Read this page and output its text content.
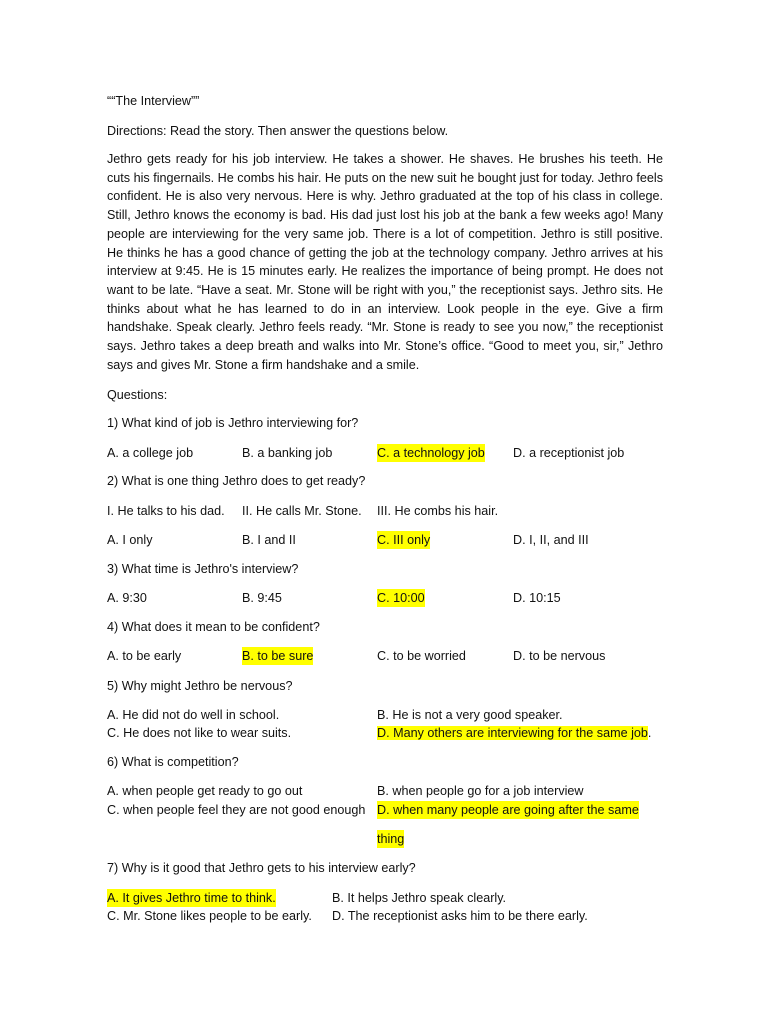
““The Interview””
Directions: Read the story. Then answer the questions below.
Jethro gets ready for his job interview. He takes a shower. He shaves. He brushes his teeth. He cuts his fingernails. He combs his hair. He puts on the new suit he bought just for today. Jethro feels confident. He is also very nervous. Here is why. Jethro graduated at the top of his class in college. Still, Jethro knows the economy is bad. His dad just lost his job at the bank a few weeks ago! Many people are interviewing for the very same job. There is a lot of competition. Jethro is still positive. He thinks he has a good chance of getting the job at the technology company. Jethro arrives at his interview at 9:45. He is 15 minutes early. He realizes the importance of being prompt. He does not want to be late. “Have a seat. Mr. Stone will be right with you,” the receptionist says. Jethro sits. He thinks about what he has learned to do in an interview. Look people in the eye. Give a firm handshake. Speak clearly. Jethro feels ready. “Mr. Stone is ready to see you now,” the receptionist says. Jethro takes a deep breath and walks into Mr. Stone’s office. “Good to meet you, sir,” Jethro says and gives Mr. Stone a firm handshake and a smile.
Questions:
1) What kind of job is Jethro interviewing for?
A. a college job	B. a banking job	C. a technology job D. a receptionist job
2) What is one thing Jethro does to get ready?
I. He talks to his dad. II. He calls Mr. Stone. III. He combs his hair.
A. I only	B. I and II	C. III only	D. I, II, and III
3) What time is Jethro's interview?
A. 9:30	B. 9:45	C. 10:00	D. 10:15
4) What does it mean to be confident?
A. to be early	B. to be sure	C. to be worried	D. to be nervous
5) Why might Jethro be nervous?
A. He did not do well in school.	B. He is not a very good speaker.
C. He does not like to wear suits.	D. Many others are interviewing for the same job.
6) What is competition?
A. when people get ready to go out	B. when people go for a job interview
C. when people feel they are not good enough D. when many people are going after the same
thing
7) Why is it good that Jethro gets to his interview early?
A. It gives Jethro time to think.	B. It helps Jethro speak clearly.
C. Mr. Stone likes people to be early. D. The receptionist asks him to be there early.
